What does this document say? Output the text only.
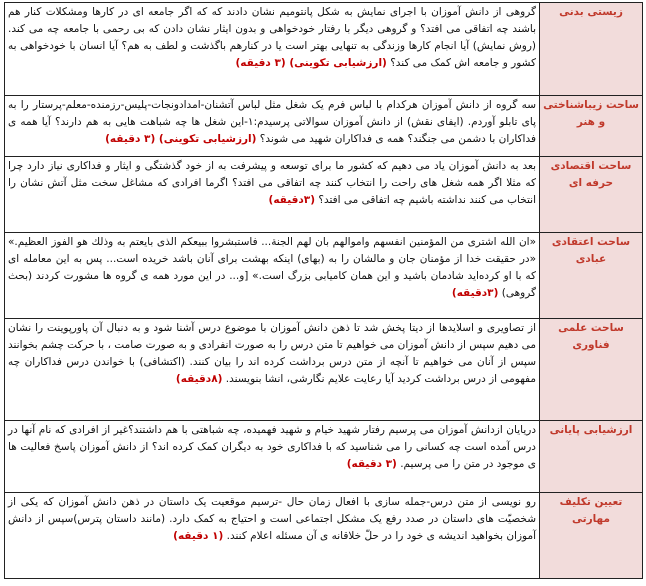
زیستی بدنی	گروهی از دانش آموزان با اجرای نمایش به شکل پانتومیم نشان دادند که که اگر جامعه ای در کارها ومشکلات کنار هم باشند چه اتفاقی می افتد؟ و گروهی دیگر با رفتار خودخواهی و بدون ایثار نشان دادن که بی رحمی با جامعه چه می کند.(روش نمایش) آیا انجام کارها وزندگی به تنهایی بهتر است یا در کنارهم باگذشت و لطف به هم؟ آیا انسان با خودخواهی به کشور و جامعه اش کمک می کند؟ (ارزشیابی تکوینی) (۳ دقیقه)
ساحت زیباشناختی و هنر	سه گروه از دانش آموزان هرکدام با لباس فرم یک شغل مثل لباس آتشنان-امدادونجات-پلیس-رزمنده-معلم-پرستار را به پای تابلو آوردم. (ایفای نقش) از دانش آموزان سوالاتی پرسیدم:۱-این شغل ها چه شباهت هایی به هم دارند؟ آیا همه ی فداکاران با دشمن می جنگند؟ همه ی فداکاران شهید می شوند؟ (ارزشیابی تکوینی) (۳ دقیقه)
ساحت اقتصادی حرفه ای	بعد به دانش آموزان یاد می دهیم که کشور ما برای توسعه و پیشرفت به از خود گذشتگی و ایثار و فداکاری نیاز دارد چرا که مثلا اگر همه شغل های راحت را انتخاب کنند چه اتفاقی می افتد؟ اگرما افرادی که مشاغل سخت مثل آتش نشان را انتخاب می کنند نداشته باشیم چه اتفاقی می افتد؟ (۳دقیقه)
ساحت اعتقادی عبادی	«ان الله اشترى من المؤمنين انفسهم واموالهم بان لهم الجنة... فاستبشروا ببيعكم الذى بايعتم به وذلك هو الفوز العظيم.» «در حقیقت خدا از مؤمنان جان و مالشان را به (بهای) اینکه بهشت برای آنان باشد خریده است... پس به این معامله ای که با او کرده‌اید شادمان باشید و این همان کامیابی بزرگ است.» [و... در این مورد همه ی گروه ها مشورت کردند (بحث گروهی) (۳دقیقه)
ساحت علمی فناوری	از تصاویری و اسلایدها از دیتا پخش شد تا ذهن دانش آموزان با موضوع درس آشنا شود و به دنبال آن پاورپوینت را نشان می دهیم سپس از دانش آموزان می خواهیم تا متن درس را به صورت انفرادی و به صورت صامت ، با حرکت چشم بخوانند سپس از آنان می خواهیم تا آنچه از متن درس برداشت کرده اند را بیان کنند. (اکتشافی) با خواندن درس فداکاران چه مفهومی از درس برداشت کردید آیا رعایت علایم نگارشی، انشا بنویسند. (۸دقیقه)
ارزشیابی پایانی	دریایان ازدانش آموزان می پرسیم رفتار شهید خیام و شهید فهمیده، چه شباهتی با هم داشتند؟غیر از افرادی که نام آنها در درس آمده است چه کسانی را می شناسید که با فداکاری خود به دیگران کمک کرده اند؟ از دانش آموزان پاسخ فعالیت ها ی موجود در متن را می پرسیم. (۳ دقیقه)
تعیین تکلیف مهارتی	رو نویسی از متن درس-جمله سازی با افعال زمان حال -ترسیم موقعیت یک داستان در ذهن دانش آموزان که یکی از شخصیّت های داستان در صدد رفع یک مشکل اجتماعی است و احتیاج به کمک دارد. (مانند داستان پترس)سپس از دانش آموزان بخواهید اندیشه ی خود را در حلّ خلاقانه ی آن مسئله اعلام کنند. (۱ دقیقه)
